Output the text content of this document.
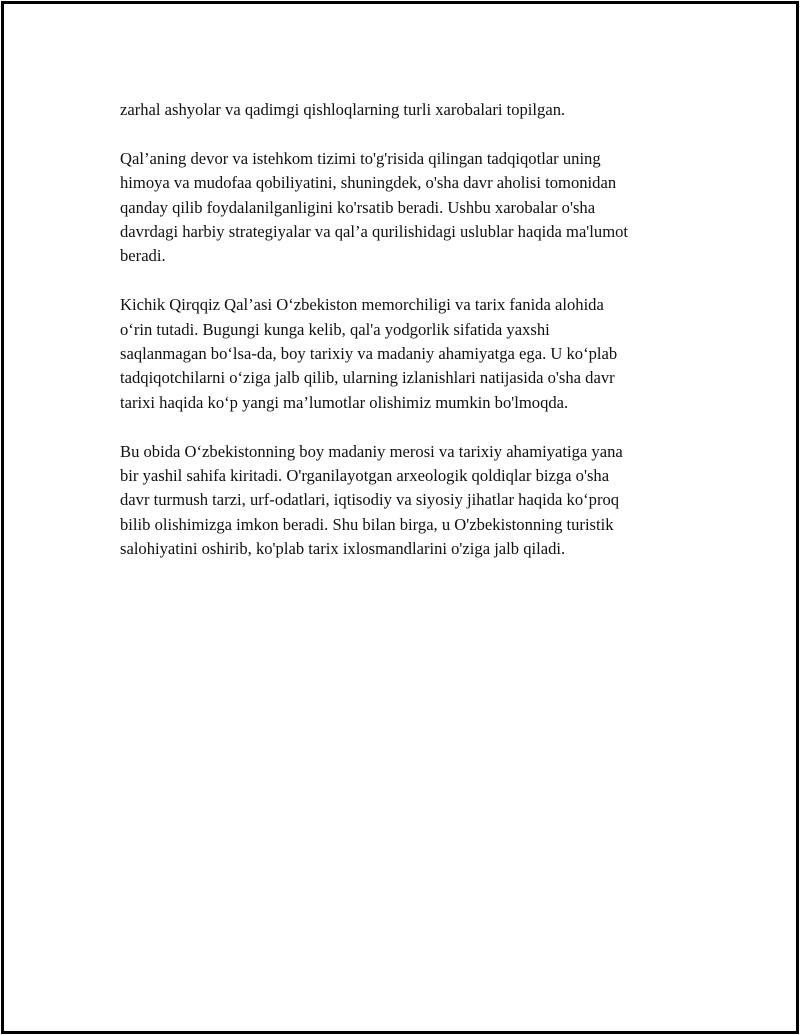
zarhal ashyolar va qadimgi qishloqlarning turli xarobalari topilgan.

Qal’aning devor va istehkom tizimi to'g'risida qilingan tadqiqotlar uning
himoya va mudofaa qobiliyatini, shuningdek, o'sha davr aholisi tomonidan
qanday qilib foydalanilganligini ko'rsatib beradi. Ushbu xarobalar o'sha
davrdagi harbiy strategiyalar va qal’a qurilishidagi uslublar haqida ma'lumot
beradi.

Kichik Qirqqiz Qal’asi O‘zbekiston memorchiligi va tarix fanida alohida
o‘rin tutadi. Bugungi kunga kelib, qal'a yodgorlik sifatida yaxshi
saqlanmagan bo‘lsa-da, boy tarixiy va madaniy ahamiyatga ega. U ko‘plab
tadqiqotchilarni o‘ziga jalb qilib, ularning izlanishlari natijasida o'sha davr
tarixi haqida ko‘p yangi ma’lumotlar olishimiz mumkin bo'lmoqda.

Bu obida O‘zbekistonning boy madaniy merosi va tarixiy ahamiyatiga yana
bir yashil sahifa kiritadi. O'rganilayotgan arxeologik qoldiqlar bizga o'sha
davr turmush tarzi, urf-odatlari, iqtisodiy va siyosiy jihatlar haqida ko‘proq
bilib olishimizga imkon beradi. Shu bilan birga, u O'zbekistonning turistik
salohiyatini oshirib, ko'plab tarix ixlosmandlarini o'ziga jalb qiladi.
